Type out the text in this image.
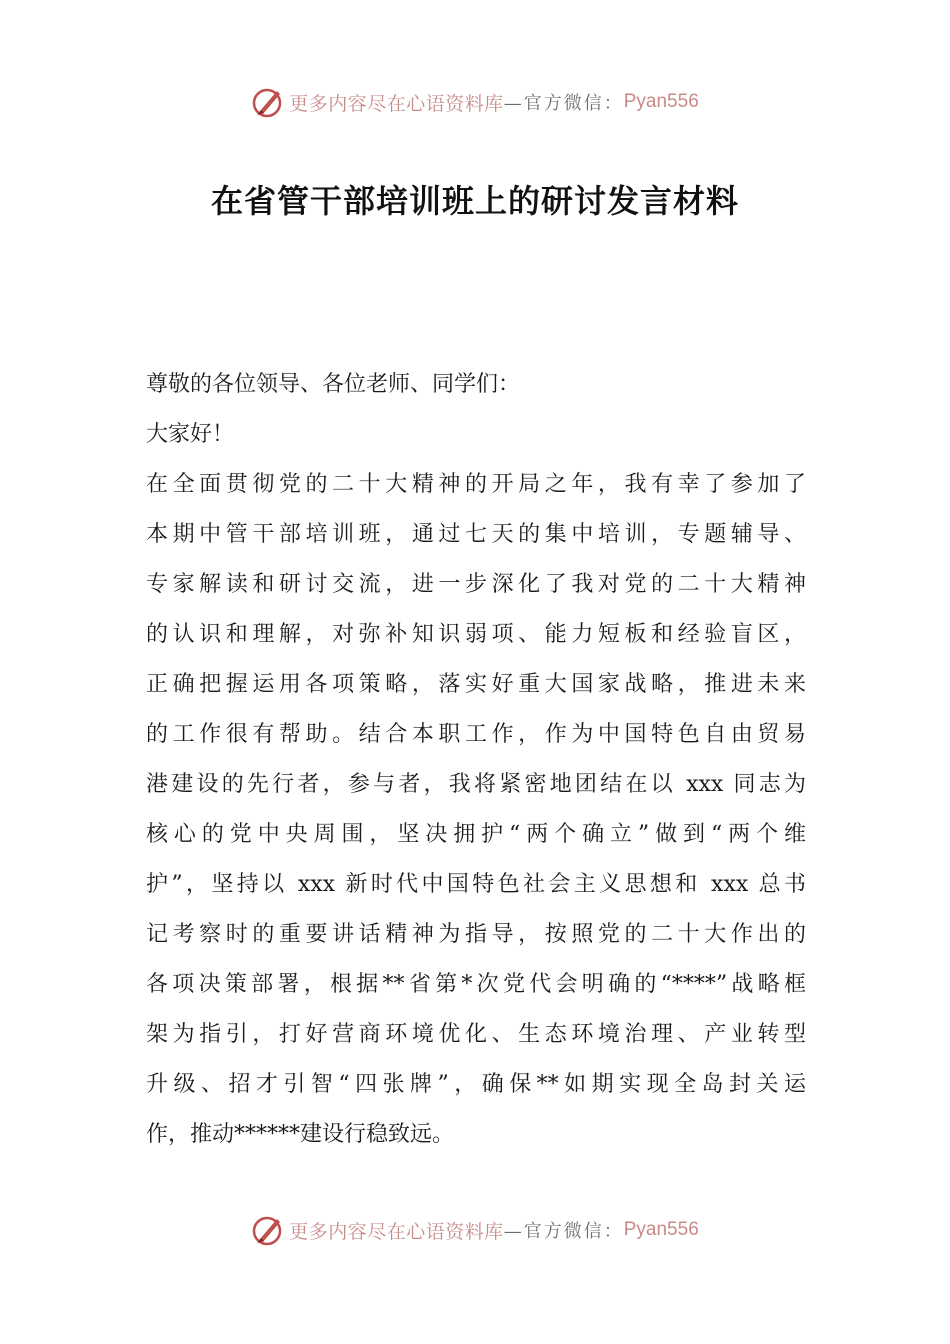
更多内容尽在心语资料库 —官方微信： Pyan556
在省管干部培训班上的研讨发言材料
尊敬的各位领导、各位老师、同学们：
大家好！
在全面贯彻党的二十大精神的开局之年，我有幸了参加了
本期中管干部培训班，通过七天的集中培训，专题辅导、
专家解读和研讨交流，进一步深化了我对党的二十大精神
的认识和理解，对弥补知识弱项、能力短板和经验盲区，
正确把握运用各项策略，落实好重大国家战略，推进未来
的工作很有帮助。结合本职工作，作为中国特色自由贸易
港建设的先行者，参与者，我将紧密地团结在以 xxx 同志为
核心的党中央周围，坚决拥护“两个确立”做到“两个维
护”，坚持以 xxx 新时代中国特色社会主义思想和 xxx 总书
记考察时的重要讲话精神为指导，按照党的二十大作出的
各项决策部署，根据**省第*次党代会明确的“****”战略框
架为指引，打好营商环境优化、生态环境治理、产业转型
升级、招才引智“四张牌”，确保**如期实现全岛封关运
作，推动******建设行稳致远。
更多内容尽在心语资料库 —官方微信： Pyan556
